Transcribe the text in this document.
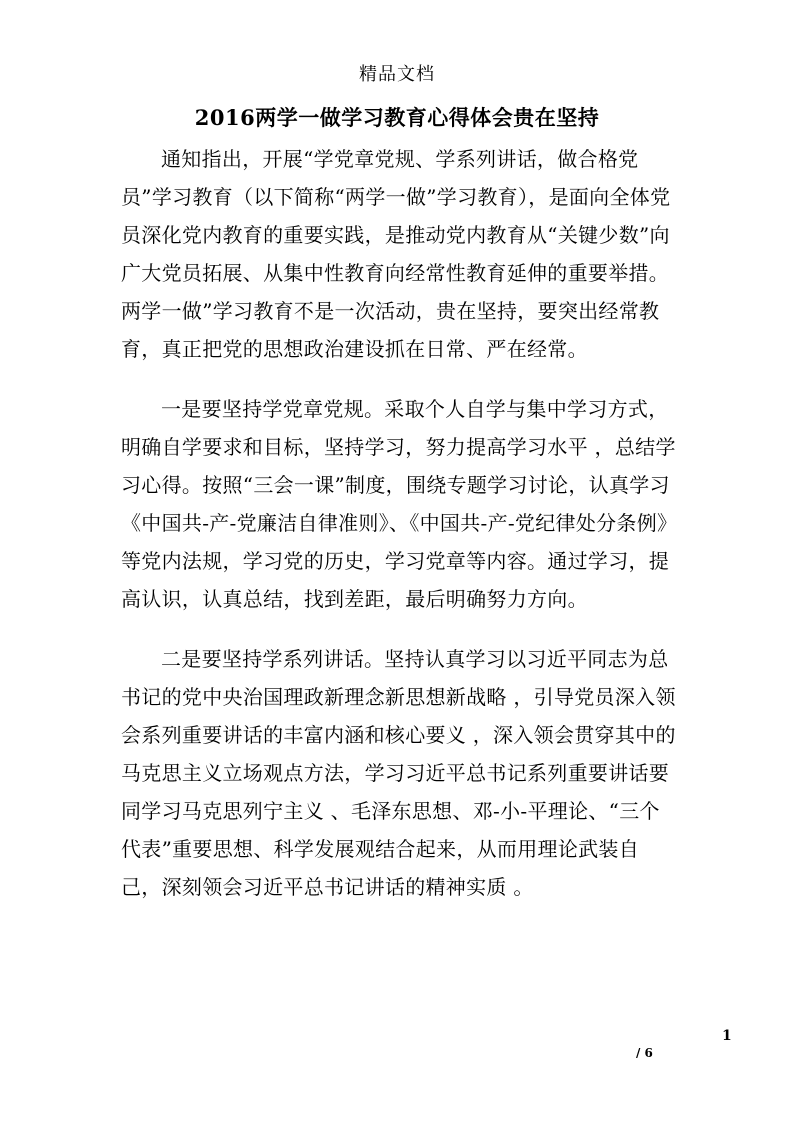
精品文档
2016两学一做学习教育心得体会贵在坚持

通知指出，开展“学党章党规、学系列讲话，做合格党员”学习教育（以下简称“两学一做”学习教育），是面向全体党员深化党内教育的重要实践，是推动党内教育从“关键少数”向广大党员拓展、从集中性教育向经常性教育延伸的重要举措。两学一做”学习教育不是一次活动，贵在坚持，要突出经常教育，真正把党的思想政治建设抓在日常、严在经常。

一是要坚持学党章党规。采取个人自学与集中学习方式，明确自学要求和目标，坚持学习，努力提高学习水平 ，总结学习心得。按照“三会一课”制度，围绕专题学习讨论，认真学习《中国共-产-党廉洁自律准则》、《中国共-产-党纪律处分条例》等党内法规，学习党的历史，学习党章等内容。通过学习，提高认识，认真总结，找到差距，最后明确努力方向。

二是要坚持学系列讲话。坚持认真学习以习近平同志为总书记的党中央治国理政新理念新思想新战略 ，引导党员深入领会系列重要讲话的丰富内涵和核心要义 ，深入领会贯穿其中的马克思主义立场观点方法，学习习近平总书记系列重要讲话要同学习马克思列宁主义 、毛泽东思想、邓-小-平理论、“三个代表”重要思想、科学发展观结合起来，从而用理论武装自己，深刻领会习近平总书记讲话的精神实质 。

1
/ 6
